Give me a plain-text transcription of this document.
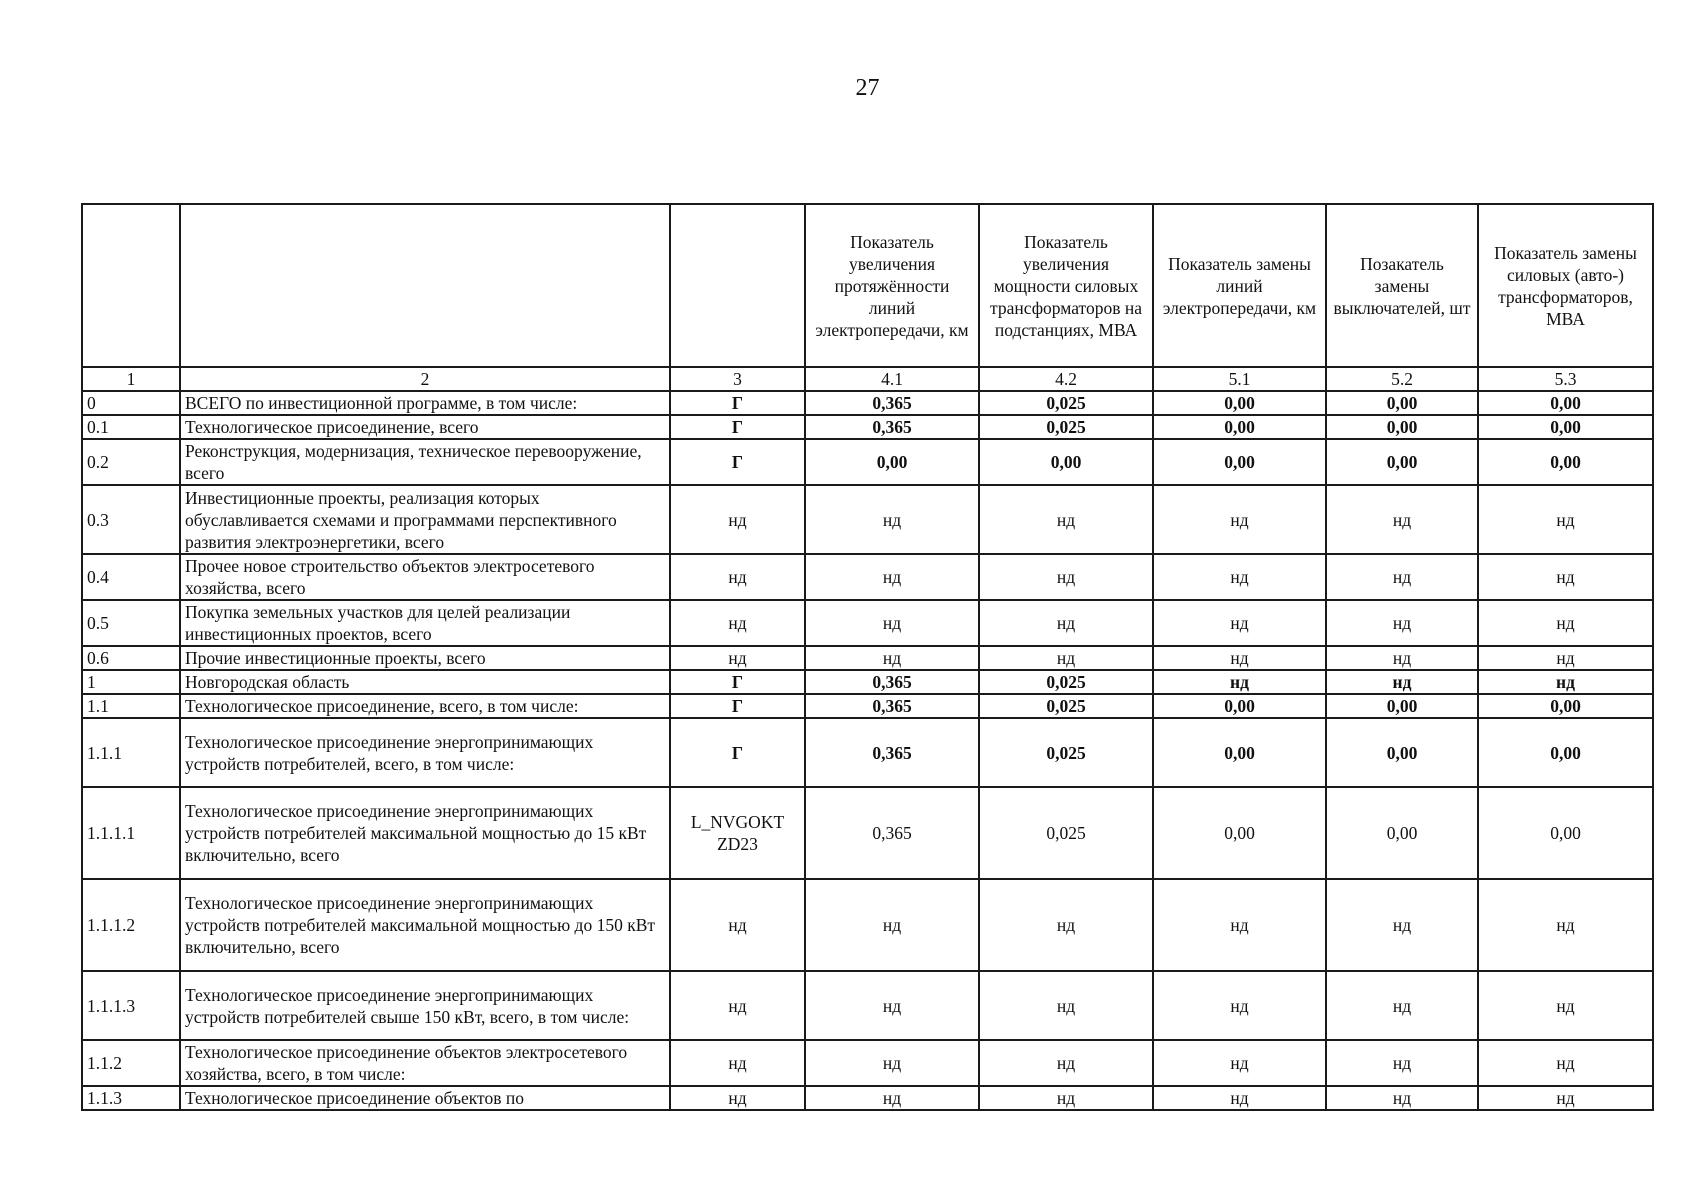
27
			Показатель увеличения протяжённости линий электропередачи, км	Показатель увеличения мощности силовых трансформаторов на подстанциях, МВА	Показатель замены линий электропередачи, км	Позакатель замены выключателей, шт	Показатель замены силовых (авто-) трансформаторов, МВА
1	2	3	4.1	4.2	5.1	5.2	5.3
0	ВСЕГО по инвестиционной программе, в том числе:	Г	0,365	0,025	0,00	0,00	0,00
0.1	Технологическое присоединение, всего	Г	0,365	0,025	0,00	0,00	0,00
0.2	Реконструкция, модернизация, техническое перевооружение, всего	Г	0,00	0,00	0,00	0,00	0,00
0.3	Инвестиционные проекты, реализация которых обуславливается схемами и программами перспективного развития электроэнергетики, всего	нд	нд	нд	нд	нд	нд
0.4	Прочее новое строительство объектов электросетевого хозяйства, всего	нд	нд	нд	нд	нд	нд
0.5	Покупка земельных участков для целей реализации инвестиционных проектов, всего	нд	нд	нд	нд	нд	нд
0.6	Прочие инвестиционные проекты, всего	нд	нд	нд	нд	нд	нд
1	Новгородская область	Г	0,365	0,025	нд	нд	нд
1.1	Технологическое присоединение, всего, в том числе:	Г	0,365	0,025	0,00	0,00	0,00
1.1.1	Технологическое присоединение энергопринимающих устройств потребителей, всего, в том числе:	Г	0,365	0,025	0,00	0,00	0,00
1.1.1.1	Технологическое присоединение энергопринимающих устройств потребителей максимальной мощностью до 15 кВт включительно, всего	L_NVGOKT ZD23	0,365	0,025	0,00	0,00	0,00
1.1.1.2	Технологическое присоединение энергопринимающих устройств потребителей максимальной мощностью до 150 кВт включительно, всего	нд	нд	нд	нд	нд	нд
1.1.1.3	Технологическое присоединение энергопринимающих устройств потребителей свыше 150 кВт, всего, в том числе:	нд	нд	нд	нд	нд	нд
1.1.2	Технологическое присоединение объектов электросетевого хозяйства, всего, в том числе:	нд	нд	нд	нд	нд	нд
1.1.3	Технологическое присоединение объектов по	нд	нд	нд	нд	нд	нд
